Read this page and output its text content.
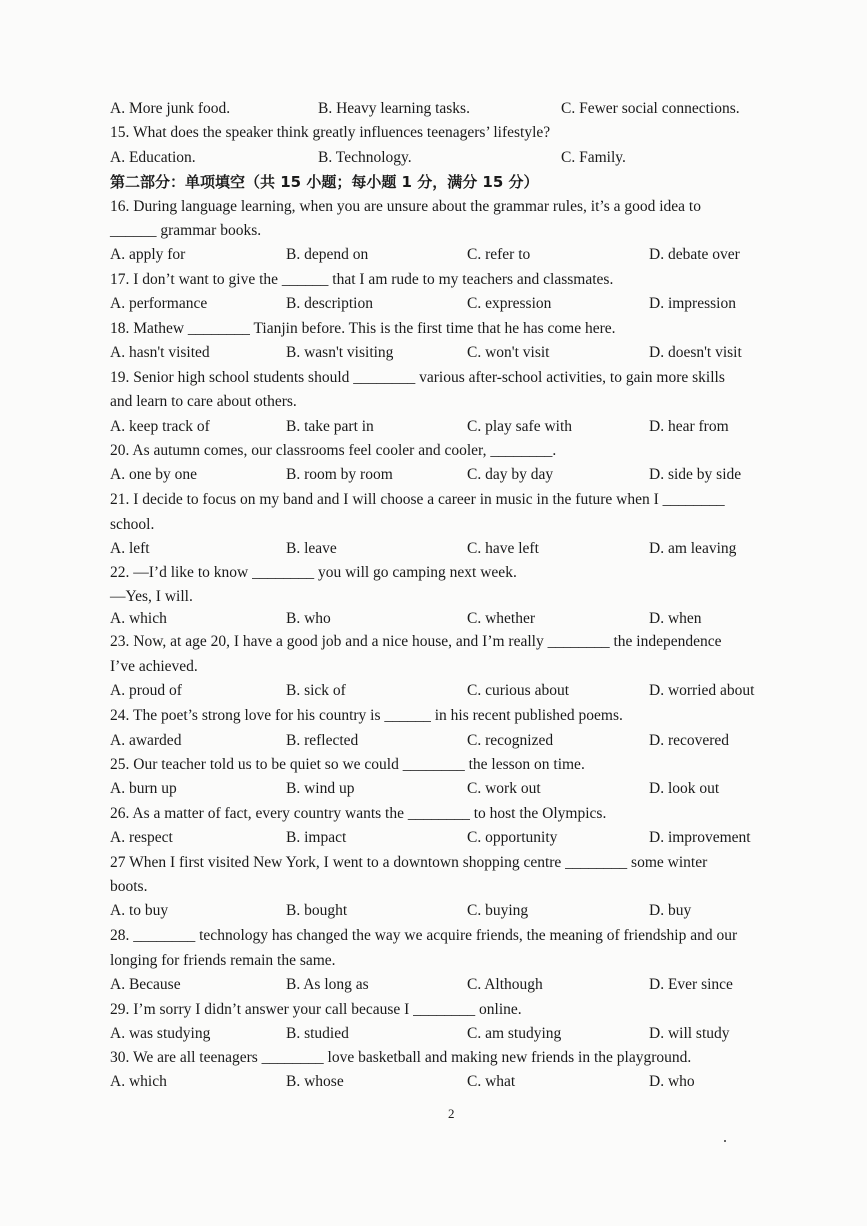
A. More junk food.	B. Heavy learning tasks.	C. Fewer social connections.
15. What does the speaker think greatly influences teenagers’ lifestyle?
A. Education.	B. Technology.	C. Family.
第二部分：单项填空（共 15 小题；每小题 1 分，满分 15 分）
16. During language learning, when you are unsure about the grammar rules, it’s a good idea to
______ grammar books.
A. apply for	B. depend on	C. refer to	D. debate over
17. I don’t want to give the ______ that I am rude to my teachers and classmates.
A. performance	B. description	C. expression	D. impression
18. Mathew ________ Tianjin before. This is the first time that he has come here.
A. hasn't visited	B. wasn't visiting	C. won't visit	D. doesn't visit
19. Senior high school students should ________ various after-school activities, to gain more skills
and learn to care about others.
A. keep track of	B. take part in	C. play safe with	D. hear from
20. As autumn comes, our classrooms feel cooler and cooler, ________.
A. one by one	B. room by room	C. day by day	D. side by side
21. I decide to focus on my band and I will choose a career in music in the future when I ________
school.
A. left	B. leave	C. have left	D. am leaving
22. —I’d like to know ________ you will go camping next week.
—Yes, I will.
A. which	B. who	C. whether	D. when
23. Now, at age 20, I have a good job and a nice house, and I’m really ________ the independence
I’ve achieved.
A. proud of	B. sick of	C. curious about	D. worried about
24. The poet’s strong love for his country is ______ in his recent published poems.
A. awarded	B. reflected	C. recognized	D. recovered
25. Our teacher told us to be quiet so we could ________ the lesson on time.
A. burn up	B. wind up	C. work out	D. look out
26. As a matter of fact, every country wants the ________ to host the Olympics.
A. respect	B. impact	C. opportunity	D. improvement
27 When I first visited New York, I went to a downtown shopping centre ________ some winter
boots.
A. to buy	B. bought	C. buying	D. buy
28. ________ technology has changed the way we acquire friends, the meaning of friendship and our
longing for friends remain the same.
A. Because	B. As long as	C. Although	D. Ever since
29. I’m sorry I didn’t answer your call because I ________ online.
A. was studying	B. studied	C. am studying	D. will study
30. We are all teenagers ________ love basketball and making new friends in the playground.
A. which	B. whose	C. what	D. who
2
